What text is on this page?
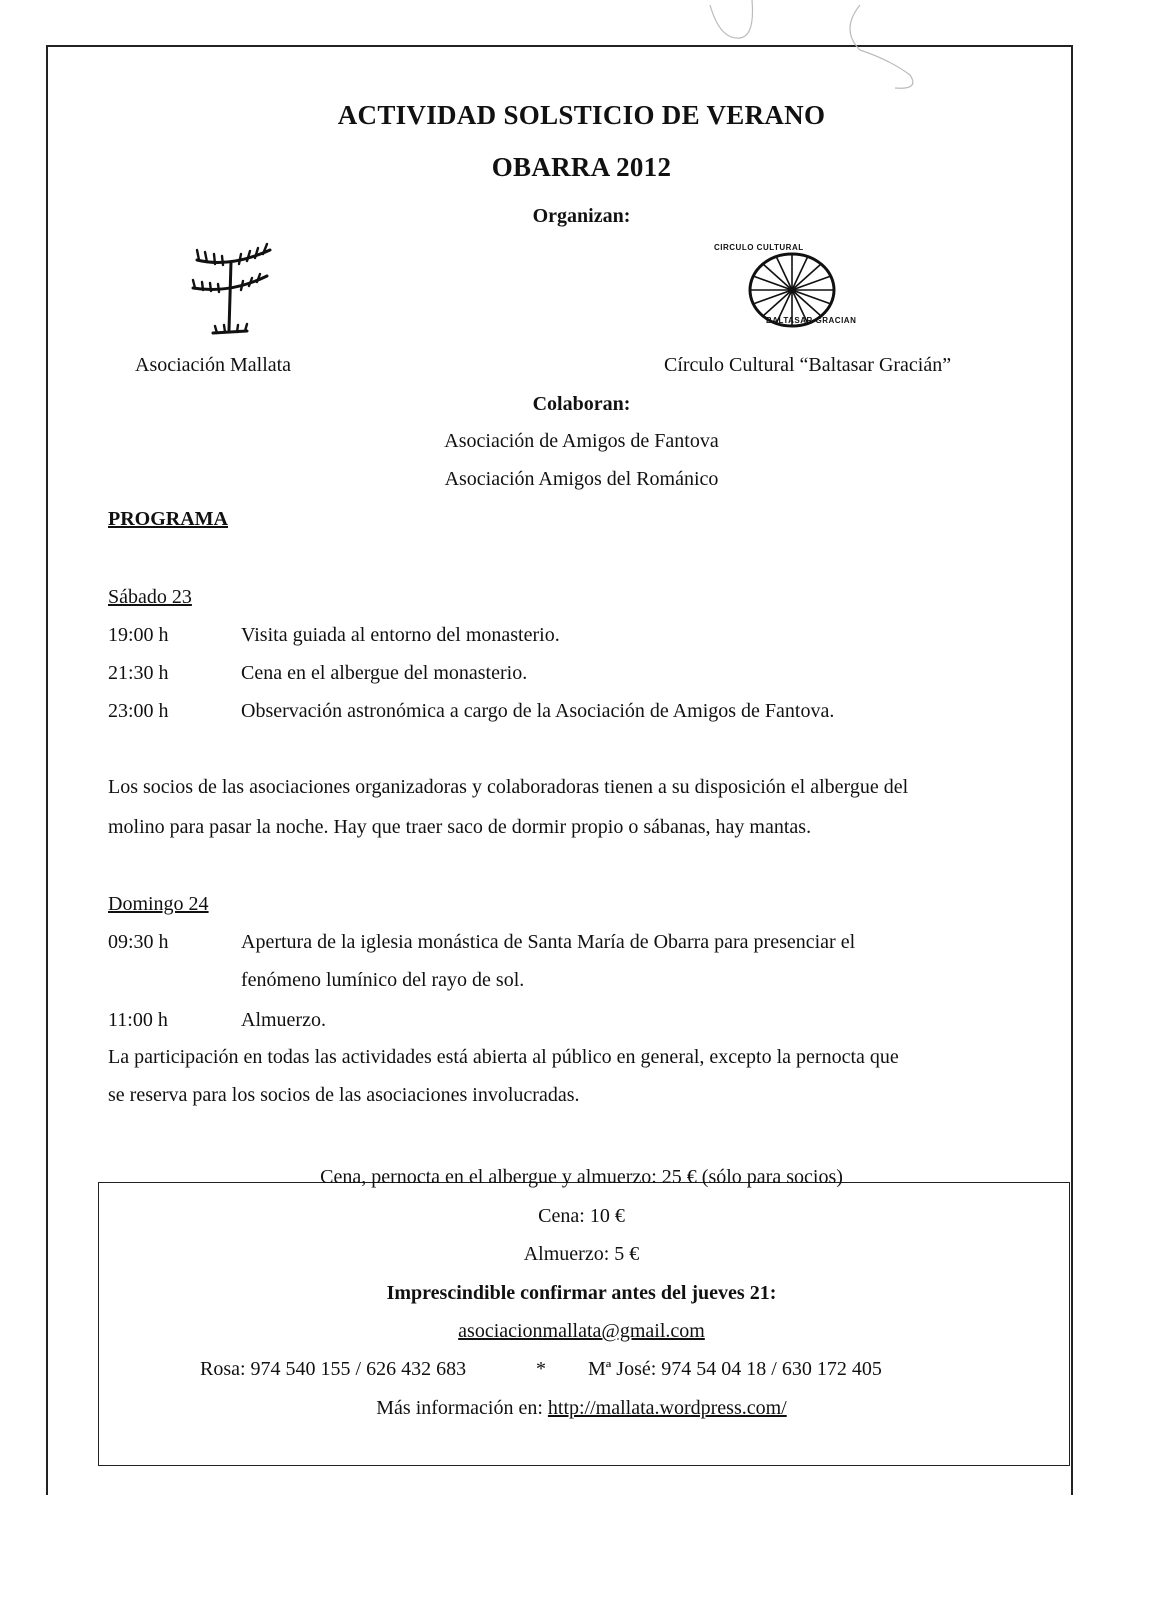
ACTIVIDAD SOLSTICIO DE VERANO
OBARRA 2012
Organizan:
CIRCULO CULTURAL
BALTASAR GRACIAN
Asociación Mallata	Círculo Cultural “Baltasar Gracián”
Colaboran:
Asociación de Amigos de Fantova
Asociación Amigos del Románico
PROGRAMA
Sábado 23
19:00 h	Visita guiada al entorno del monasterio.
21:30 h	Cena en el albergue del monasterio.
23:00 h	Observación astronómica a cargo de la Asociación de Amigos de Fantova.
Los socios de las asociaciones organizadoras y colaboradoras tienen a su disposición el albergue del
molino para pasar la noche. Hay que traer saco de dormir propio o sábanas, hay mantas.
Domingo 24
09:30 h	Apertura de la iglesia monástica de Santa María de Obarra para presenciar el
fenómeno lumínico del rayo de sol.
11:00 h	Almuerzo.
La participación en todas las actividades está abierta al público en general, excepto la pernocta que
se reserva para los socios de las asociaciones involucradas.
Cena, pernocta en el albergue y almuerzo: 25 € (sólo para socios)
Cena: 10 €
Almuerzo: 5 €
Imprescindible confirmar antes del jueves 21:
asociacionmallata@gmail.com
Rosa: 974 540 155 / 626 432 683	* Mª José: 974 54 04 18 / 630 172 405
Más información en: http://mallata.wordpress.com/
